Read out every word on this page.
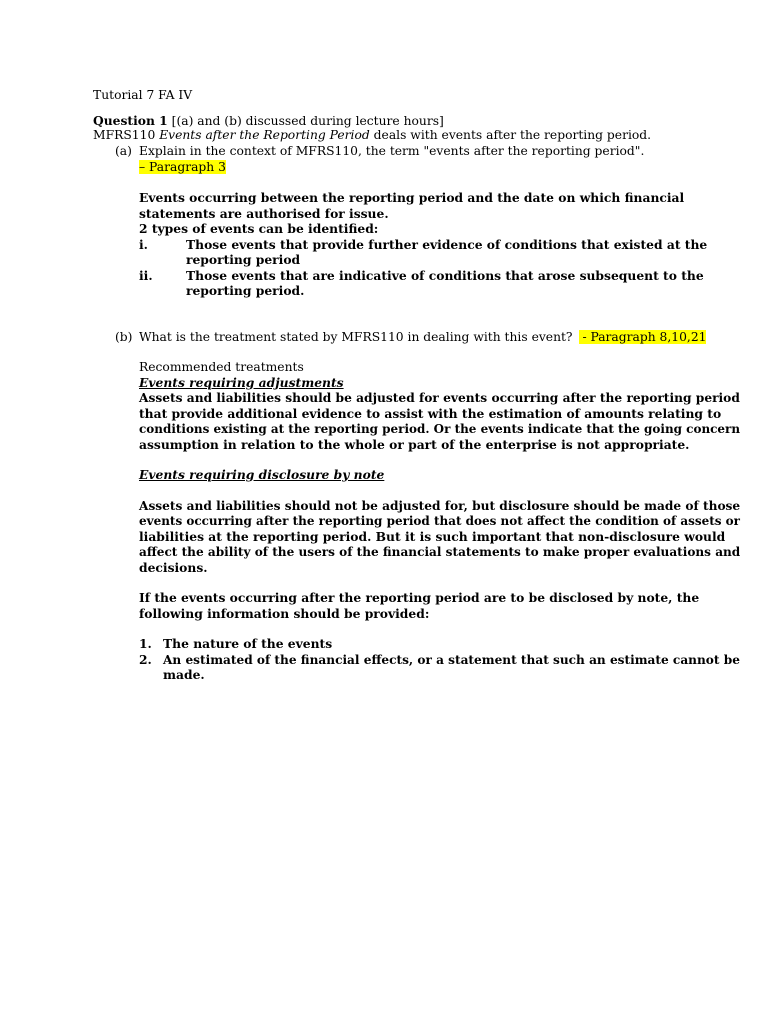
Tutorial 7 FA IV
Question 1 [(a) and (b) discussed during lecture hours]
MFRS110 Events after the Reporting Period deals with events after the reporting period.
(a) Explain in the context of MFRS110, the term "events after the reporting period".
– Paragraph 3
Events occurring between the reporting period and the date on which financial
statements are authorised for issue.
2 types of events can be identified:
i.	Those events that provide further evidence of conditions that existed at the
reporting period
ii.	Those events that are indicative of conditions that arose subsequent to the
reporting period.
(b) What is the treatment stated by MFRS110 in dealing with this event? - Paragraph 8,10,21
Recommended treatments
Events requiring adjustments
Assets and liabilities should be adjusted for events occurring after the reporting period
that provide additional evidence to assist with the estimation of amounts relating to
conditions existing at the reporting period. Or the events indicate that the going concern
assumption in relation to the whole or part of the enterprise is not appropriate.
Events requiring disclosure by note
Assets and liabilities should not be adjusted for, but disclosure should be made of those
events occurring after the reporting period that does not affect the condition of assets or
liabilities at the reporting period. But it is such important that non-disclosure would
affect the ability of the users of the financial statements to make proper evaluations and
decisions.
If the events occurring after the reporting period are to be disclosed by note, the
following information should be provided:
1. The nature of the events
2. An estimated of the financial effects, or a statement that such an estimate cannot be
made.
